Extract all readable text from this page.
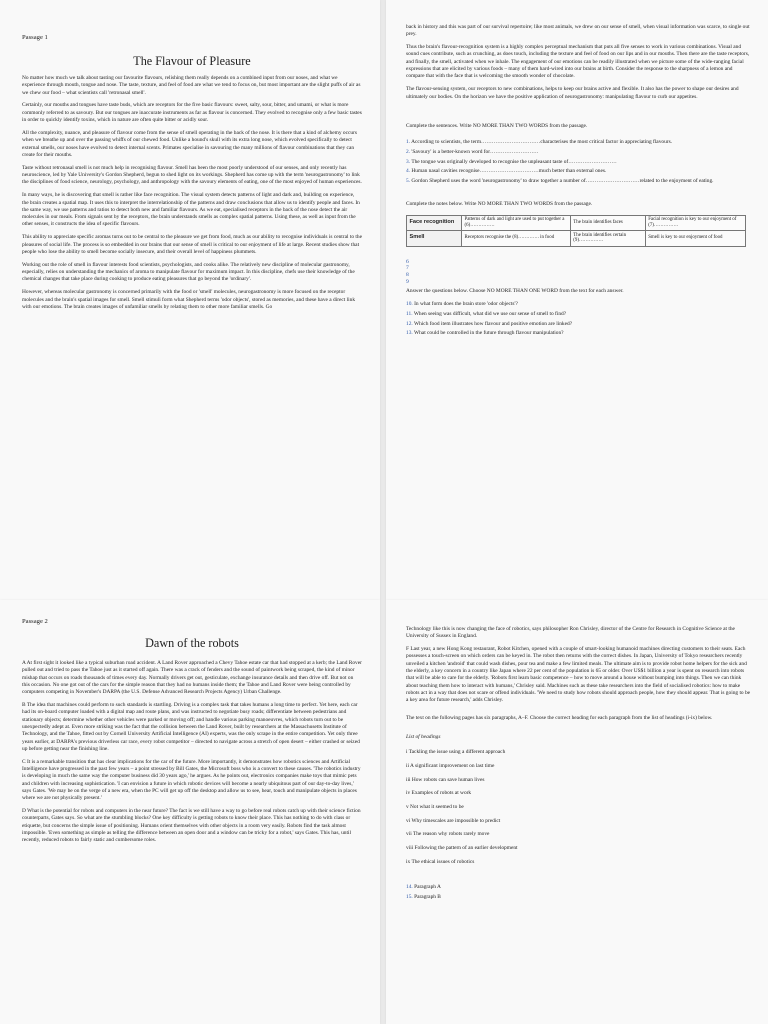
Passage 1
The Flavour of Pleasure

No matter how much we talk about tasting our favourite flavours, relishing them really depends on a combined input from our noses, and what we experience through mouth, tongue and nose. The taste, texture, and feel of food are what we tend to focus on, but most important are the slight puffs of air as we chew our food – what scientists call 'retronasal smell'.

Certainly, our mouths and tongues have taste buds, which are receptors for the five basic flavours: sweet, salty, sour, bitter, and umami, or what is more commonly referred to as savoury. But our tongues are inaccurate instruments as far as flavour is concerned. They evolved to recognise only a few basic tastes in order to quickly identify toxins, which in nature are often quite bitter or acidly sour.

All the complexity, nuance, and pleasure of flavour come from the sense of smell operating in the back of the nose. It is there that a kind of alchemy occurs when we breathe up and over the passing whiffs of our chewed food. Unlike a hound's skull with its extra long nose, which evolved specifically to detect external smells, our noses have evolved to detect internal scents. Primates specialise in savouring the many millions of flavour combinations that they can create for their mouths.

Taste without retronasal smell is not much help in recognising flavour. Smell has been the most poorly understood of our senses, and only recently has neuroscience, led by Yale University's Gordon Shepherd, begun to shed light on its workings. Shepherd has come up with the term 'neurogastronomy' to link the disciplines of food science, neurology, psychology, and anthropology with the savoury elements of eating, one of the most enjoyed of human experiences.

In many ways, he is discovering that smell is rather like face recognition. The visual system detects patterns of light and dark and, building on experience, the brain creates a spatial map. It uses this to interpret the interrelationship of the patterns and draw conclusions that allow us to identify people and faces. In the same way, we use patterns and ratios to detect both new and familiar flavours. As we eat, specialised receptors in the back of the nose detect the air molecules in our meals. From signals sent by the receptors, the brain understands smells as complex spatial patterns. Using these, as well as input from the other senses, it constructs the idea of specific flavours.

This ability to appreciate specific aromas turns out to be central to the pleasure we get from food, much as our ability to recognise individuals is central to the pleasures of social life. The process is so embedded in our brains that our sense of smell is critical to our enjoyment of life at large. Recent studies show that people who lose the ability to smell become socially insecure, and their overall level of happiness plummets.

Working out the role of smell in flavour interests food scientists, psychologists, and cooks alike. The relatively new discipline of molecular gastronomy, especially, relies on understanding the mechanics of aroma to manipulate flavour for maximum impact. In this discipline, chefs use their knowledge of the chemical changes that take place during cooking to produce eating pleasures that go beyond the 'ordinary'.

However, whereas molecular gastronomy is concerned primarily with the food or 'smell' molecules, neurogastronomy is more focused on the receptor molecules and the brain's spatial images for smell. Smell stimuli form what Shepherd terms 'odor objects', stored as memories, and these have a direct link with our emotions. The brain creates images of unfamiliar smells by relating them to other more familiar smells. Go

back in history and this was part of our survival repertoire; like most animals, we drew on our sense of smell, when visual information was scarce, to single out prey.

Thus the brain's flavour-recognition system is a highly complex perceptual mechanism that puts all five senses to work in various combinations. Visual and sound cues contribute, such as crunching, as does touch, including the texture and feel of food on our lips and in our mouths. Then there are the taste receptors, and finally, the smell, activated when we inhale. The engagement of our emotions can be readily illustrated when we picture some of the wide-ranging facial expressions that are elicited by various foods – many of them hard-wired into our brains at birth. Consider the response to the sharpness of a lemon and compare that with the face that is welcoming the smooth wonder of chocolate.

The flavour-sensing system, our receptors to new combinations, helps to keep our brains active and flexible. It also has the power to shape our desires and ultimately our bodies. On the horizon we have the positive application of neurogastronomy: manipulating flavour to curb our appetites.

Complete the sentences. Write NO MORE THAN TWO WORDS from the passage.

1. According to scientists, the term……………………………characterises the most critical factor in appreciating flavours.

2. 'Savoury' is a better-known word for………………………

3. The tongue was originally developed to recognise the unpleasant taste of………………………

4. Human nasal cavities recognise……………………………much better than external ones.

5. Gordon Shepherd uses the word 'neurogastronomy' to draw together a number of…………………………related to the enjoyment of eating.

Complete the notes below. Write NO MORE THAN TWO WORDS from the passage.

Face recognition	Patterns of dark and light are used to put together a (6)……………	The brain identifies faces	Facial recognition is key to our enjoyment of (7)……………
Smell	Receptors recognise the (8)…………. in food	The brain identifies certain (9)……………	Smell is key to our enjoyment of food
6
7
8
9

Answer the questions below. Choose NO MORE THAN ONE WORD from the text for each answer.

10. In what form does the brain store 'odor objects'?

11. When seeing was difficult, what did we use our sense of smell to find?

12. Which food item illustrates how flavour and positive emotion are linked?

13. What could be controlled in the future through flavour manipulation?

Passage 2
Dawn of the robots

A At first sight it looked like a typical suburban road accident. A Land Rover approached a Chevy Tahoe estate car that had stopped at a kerb; the Land Rover pulled out and tried to pass the Tahoe just as it started off again. There was a crack of fenders and the sound of paintwork being scraped, the kind of minor mishap that occurs on roads thousands of times every day. Normally drivers get out, gesticulate, exchange insurance details and then drive off. But not on this occasion. No one got out of the cars for the simple reason that they had no humans inside them; the Tahoe and Land Rover were being controlled by computers competing in November's DARPA (the U.S. Defense Advanced Research Projects Agency) Urban Challenge.

B The idea that machines could perform to such standards is startling. Driving is a complex task that takes humans a long time to perfect. Yet here, each car had its on-board computer loaded with a digital map and route plans, and was instructed to negotiate busy roads; differentiate between pedestrians and stationary objects; determine whether other vehicles were parked or moving off; and handle various parking manoeuvres, which robots turn out to be unexpectedly adept at. Even more striking was the fact that the collision between the Land Rover, built by researchers at the Massachusetts Institute of Technology, and the Tahoe, fitted out by Cornell University Artificial Intelligence (AI) experts, was the only scrape in the entire competition. Yet only three years earlier, at DARPA's previous driverless car race, every robot competitor – directed to navigate across a stretch of open desert – either crashed or seized up before getting near the finishing line.

C It is a remarkable transition that has clear implications for the car of the future. More importantly, it demonstrates how robotics sciences and Artificial Intelligence have progressed in the past few years – a point stressed by Bill Gates, the Microsoft boss who is a convert to these causes. 'The robotics industry is developing in much the same way the computer business did 30 years ago,' he argues. As he points out, electronics companies make toys that mimic pets and children with increasing sophistication. 'I can envision a future in which robotic devices will become a nearly ubiquitous part of our day-to-day lives,' says Gates. 'We may be on the verge of a new era, when the PC will get up off the desktop and allow us to see, hear, touch and manipulate objects in places where we are not physically present.'

D What is the potential for robots and computers in the near future? The fact is we still have a way to go before real robots catch up with their science fiction counterparts, Gates says. So what are the stumbling blocks? One key difficulty is getting robots to know their place. This has nothing to do with class or etiquette, but concerns the simple issue of positioning. Humans orient themselves with other objects in a room very easily. Robots find the task almost impossible. 'Even something as simple as telling the difference between an open door and a window can be tricky for a robot,' says Gates. This has, until recently, reduced robots to fairly static and cumbersome roles.

Technology like this is now changing the face of robotics, says philosopher Ron Chrisley, director of the Centre for Research in Cognitive Science at the University of Sussex in England.

F Last year, a new Hong Kong restaurant, Robot Kitchen, opened with a couple of smart-looking humanoid machines directing customers to their seats. Each possesses a touch-screen on which orders can be keyed in. The robot then returns with the correct dishes. In Japan, University of Tokyo researchers recently unveiled a kitchen 'android' that could wash dishes, pour tea and make a few limited meals. The ultimate aim is to provide robot home helpers for the sick and the elderly, a key concern in a country like Japan where 22 per cent of the population is 65 or older. Over US$1 billion a year is spent on research into robots that will be able to care for the elderly. 'Robots first learn basic competence – how to move around a house without bumping into things. Then we can think about teaching them how to interact with humans,' Chrisley said. Machines such as these take researchers into the field of socialised robotics: how to make robots act in a way that does not scare or offend individuals. 'We need to study how robots should approach people, how they should appear. That is going to be a key area for future research,' adds Chrisley.

The text on the following pages has six paragraphs, A–F. Choose the correct heading for each paragraph from the list of headings (i-ix) below.

List of headings

i Tackling the issue using a different approach

ii A significant improvement on last time

iii How robots can save human lives

iv Examples of robots at work

v Not what it seemed to be

vi Why timescales are impossible to predict

vii The reason why robots rarely move

viii Following the pattern of an earlier development

ix The ethical issues of robotics

14. Paragraph A

15. Paragraph B
